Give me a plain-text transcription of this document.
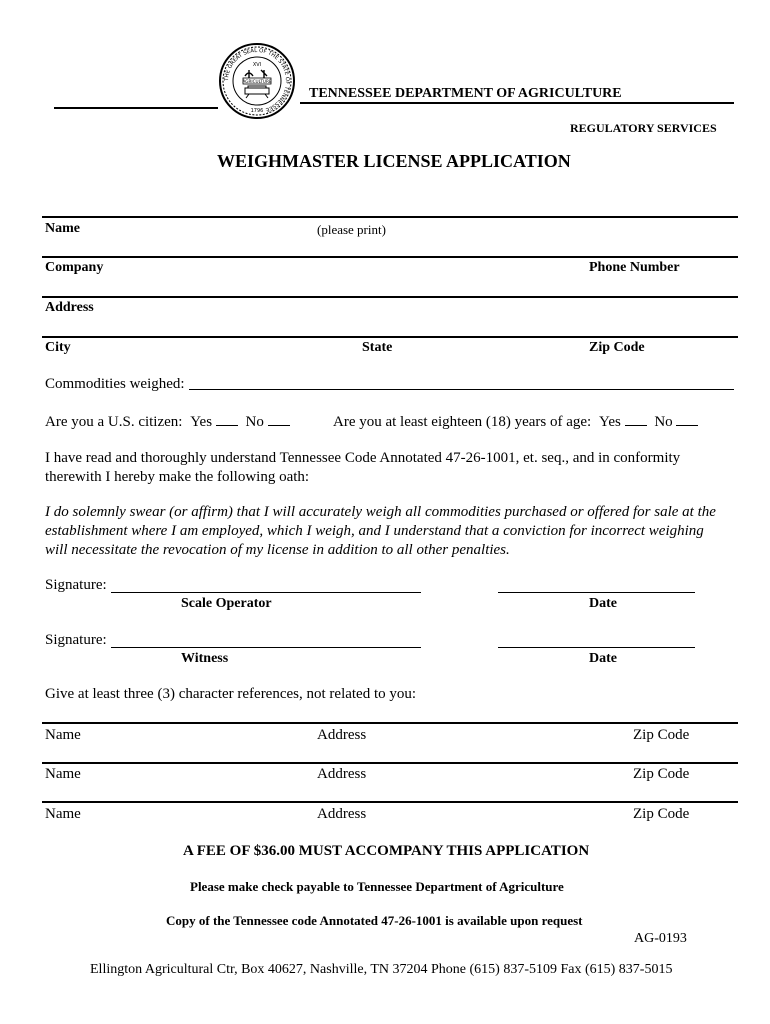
THE GREAT SEAL OF THE STATE OF TENNESSEE
XVI
AGRICULTURE
1796
TENNESSEE DEPARTMENT OF AGRICULTURE
REGULATORY SERVICES
WEIGHMASTER LICENSE APPLICATION
Name	(please print)
Company	Phone Number
Address
City	State	Zip Code
Commodities weighed:
Are you a U.S. citizen: Yes No	Are you at least eighteen (18) years of age: Yes No
I have read and thoroughly understand Tennessee Code Annotated 47-26-1001, et. seq., and in conformity therewith I hereby make the following oath:
I do solemnly swear (or affirm) that I will accurately weigh all commodities purchased or offered for sale at the
establishment where I am employed, which I weigh, and I understand that a conviction for incorrect weighing
will necessitate the revocation of my license in addition to all other penalties.
Signature:
Scale Operator	Date
Signature:
Witness	Date
Give at least three (3) character references, not related to you:
Name	Address	Zip Code
Name	Address	Zip Code
Name	Address	Zip Code
A FEE OF $36.00 MUST ACCOMPANY THIS APPLICATION
Please make check payable to Tennessee Department of Agriculture
Copy of the Tennessee code Annotated 47-26-1001 is available upon request
AG-0193
Ellington Agricultural Ctr, Box 40627, Nashville, TN 37204 Phone (615) 837-5109 Fax (615) 837-5015
